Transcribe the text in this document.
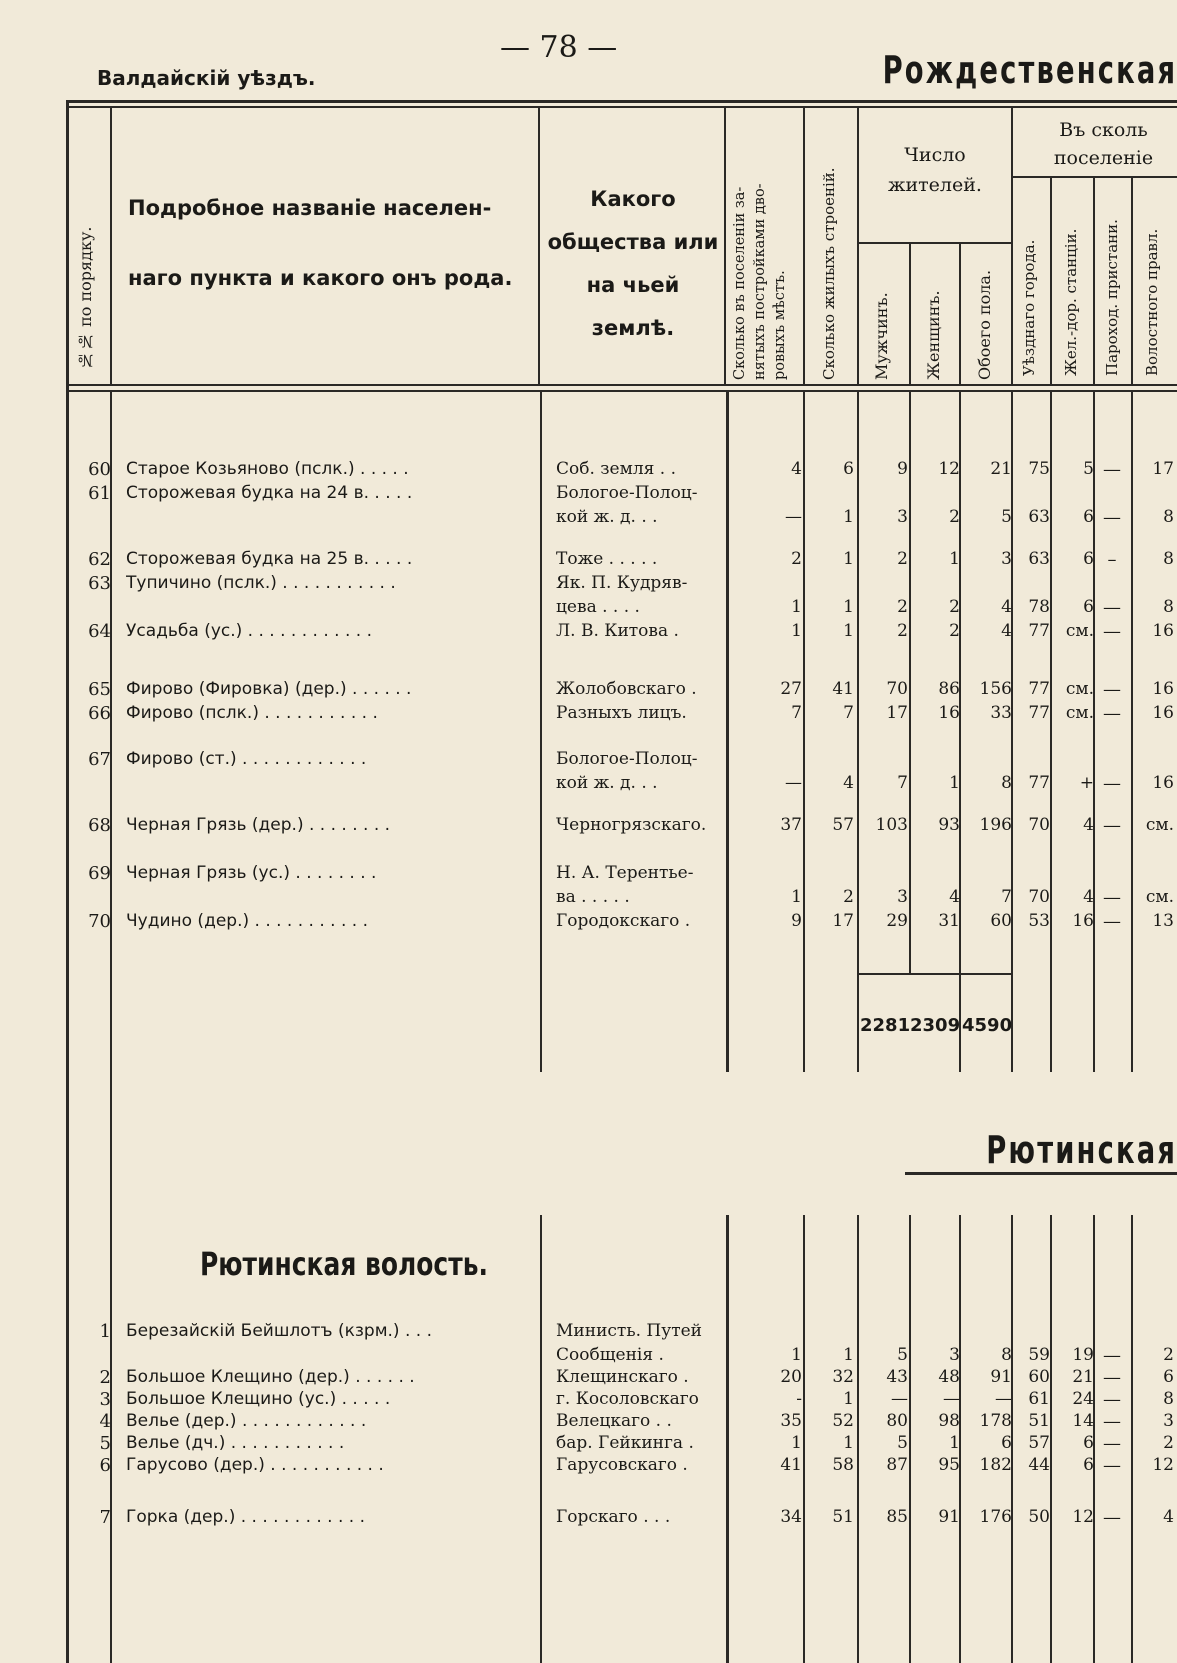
— 78 —
Валдайскій уѣздъ.	Рождественская
Рютинская
№№ по порядку.
Подробное названіе населен-
наго пункта и какого онъ рода.
Какого
общества или
на чьей землѣ.	Сколько въ поселеніи за- нятыхъ постройками дво- ровыхъ мѣстъ. Сколько жилыхъ строеній.
Число
жителей.
Мужчинъ. Женщинъ. Обоего пола.
Въ сколь
поселеніе
Уѣзднаго города. Жел.-дор. станціи. Пароход. пристани. Волостного правл.
60 Старое Козьяново (пслк.) . . . . .	Соб. земля . .	4	6	9	12	21 75	5 —	17
61 Сторожевая будка на 24 в. . . . .	Бологое-Полоц-
кой ж. д. . .	—	1	3	2	5 63	6 —	8
62 Сторожевая будка на 25 в. . . . .	Тоже . . . . .	2	1	2	1	3 63	6 –	8
63 Тупичино (пслк.) . . . . . . . . . . .	Як. П. Кудряв-
цева . . . .	1	1	2	2	4 78	6 —	8
64 Усадьба (ус.) . . . . . . . . . . . .	Л. В. Китова .	1	1	2	2	4 77 см. —	16
65 Фирово (Фировка) (дер.) . . . . . .	Жолобовскаго .	27	41	70	86	156 77 см. —	16
66 Фирово (пслк.) . . . . . . . . . . .	Разныхъ лицъ.	7	7	17	16	33 77 см. —	16
67 Фирово (ст.) . . . . . . . . . . . .	Бологое-Полоц-
кой ж. д. . .	—	4	7	1	8 77	+ —	16
68 Черная Грязь (дер.) . . . . . . . .	Черногрязскаго.	37	57	103	93	196 70	4 —	см.
69 Черная Грязь (ус.) . . . . . . . .	Н. А. Терентье-
ва . . . . .	1	2	3	4	7 70	4 —	см.
70 Чудино (дер.) . . . . . . . . . . .	Городокскаго .	9	17	29	31	60 53	16 —	13
2281 2309 4590
Рютинская волость.
1 Березайскій Бейшлотъ (кзрм.) . . .	Министь. Путей
Сообщенія .	1	1	5	3	8 59	19 —	2
2 Большое Клещино (дер.) . . . . . .	Клещинскаго .	20	32	43	48	91 60	21 —	6
3 Большое Клещино (ус.) . . . . .	г. Косоловскаго	-	1	—	—	— 61	24 —	8
4 Велье (дер.) . . . . . . . . . . . .	Велецкаго . .	35	52	80	98	178 51	14 —	3
5 Велье (дч.) . . . . . . . . . . .	бар. Гейкинга .	1	1	5	1	6 57	6 —	2
6 Гарусово (дер.) . . . . . . . . . . .	Гарусовскаго .	41	58	87	95	182 44	6 —	12
7 Горка (дер.) . . . . . . . . . . . .	Горскаго . . .	34	51	85	91	176 50	12 —	4
